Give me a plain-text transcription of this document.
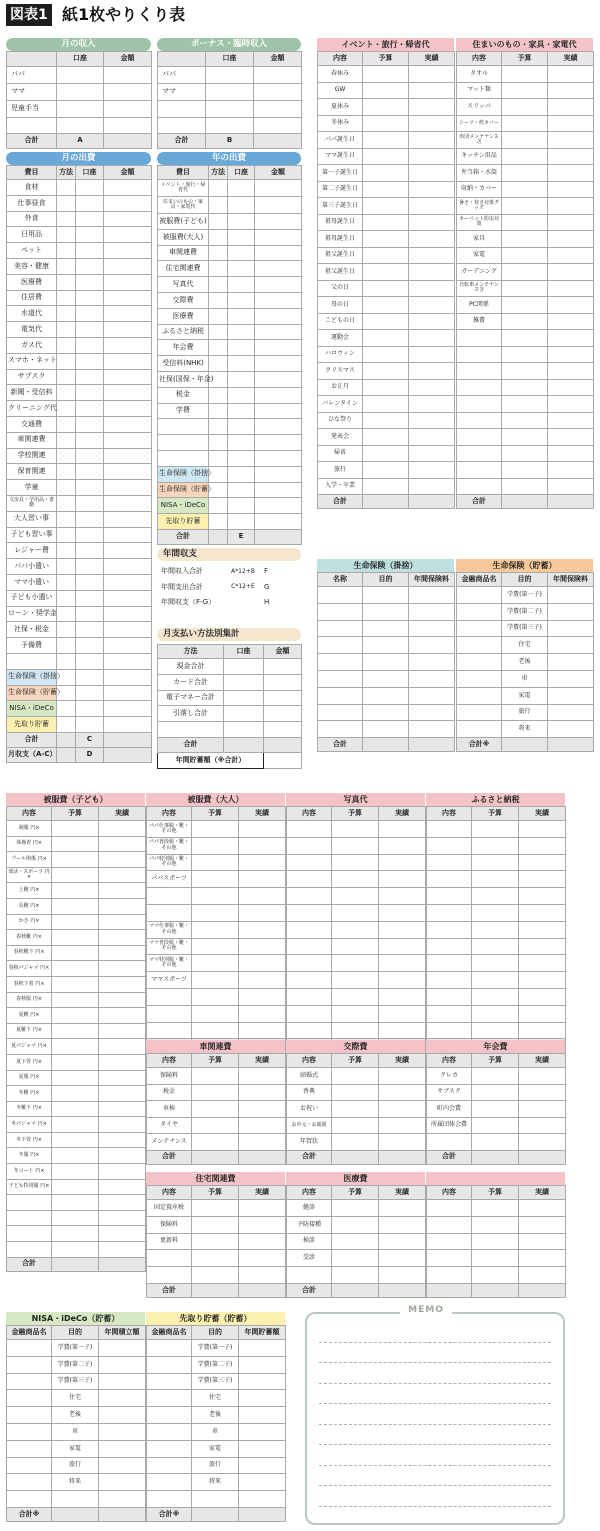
図表1 紙1枚やりくり表
月の収入
	口座	金額
パパ		
ママ		
児童手当		

合計	A	
ボーナス・臨時収入
	口座	金額
パパ		
ママ		

合計	B	
月の出費
費目	方法	口座	金額
食材			
仕事昼食			
外食			
日用品			
ペット			
美容・健康			
医療費			
住居費			
水道代			
電気代			
ガス代			
スマホ・ネット			
サブスク			
新聞・受信料			
クリーニング代			
交通費			
車関連費			
学校関連			
保育関連			
学童			
文房具・学用品・書籍			
大人習い事			
子ども習い事			
レジャー費			
パパ小遣い			
ママ小遣い			
子ども小遣い			
ローン・奨学金			
社保・税金			
予備費			

生命保険（掛捨）			
生命保険（貯蓄）			
NISA・iDeCo			
先取り貯蓄			
合計		C	
月収支（A-C）		D	
年の出費
費目	方法	口座	金額
イベント・旅行・帰省代			
住まいのもの・家具・家電代			
被服費(子ども)			
被服費(大人)			
車関連費			
住宅関連費			
写真代			
交際費			
医療費			
ふるさと納税			
年会費			
受信料(NHK)			
社保(国保・年金)			
税金			
学費			

生命保険（掛捨）			
生命保険（貯蓄）			
NISA・iDeCo			
先取り貯蓄			
合計		E	
年間収支
年間収入合計	A*12+B	F
年間支出合計	C*12+E	G
年間収支（F-G）		H
月支払い方法別集計
方法	口座	金額
現金合計		
カード合計		
電子マネー合計		
引落し合計		

合計		
年間貯蓄額（※合計）		
イベント・旅行・帰省代
内容	予算	実績
春休み		
GW		
夏休み		
冬休み		
パパ誕生日		
ママ誕生日		
第一子誕生日		
第二子誕生日		
第三子誕生日		
祖母誕生日		
祖母誕生日		
祖父誕生日		
祖父誕生日		
父の日		
母の日		
こどもの日		
運動会		
ハロウィン		
クリスマス		
お正月		
バレンタイン		
ひな祭り		
発表会		
帰省		
旅行		
入学・卒業		
合計		
住まいのもの・家具・家電代
内容	予算	実績
タオル		
マット類		
スリッパ		
シーツ・枕カバー		
布団メンテナンス含		
キッチン用品		
弁当箱・水筒		
収納・カバー		
暑さ・寒さ対策グッズ		
カーペット防虫対策		
家具		
家電		
ガーデニング		
自転車メンテナンス含		
PC関係		
雑費		

合計		
生命保険（掛捨）
名称	目的	年間保険料

合計		
生命保険（貯蓄）
金融商品名	目的	年間保険料
	学費(第一子)	
	学費(第二子)	
	学費(第三子)	
	住宅	
	老後	
	車	
	家電	
	旅行	
	将来	
合計※		
被服費（子ども）
内容	予算	実績
制服 円×		
体操着 円×		
プール関係 円×		
部活・スポーツ 円×		
上靴 円×		
長靴 円×		
かさ 円×		
春秋靴 円×		
春秋靴下 円×		
春秋パジャマ 円×		
春秋下着 円×		
春秋服 円×		
夏靴 円×		
夏靴下 円×		
夏パジャマ 円×		
夏下着 円×		
夏服 円×		
冬靴 円×		
冬靴下 円×		
冬パジャマ 円×		
冬下着 円×		
冬服 円×		
冬コート 円×		
子ども特別服 円×		

合計		
被服費（大人）
内容	予算	実績
パパ仕事服・靴・その他		
パパ普段服・靴・その他		
パパ特別服・靴・その他		
パパスポーツ		

ママ仕事服・靴・その他		
ママ普段服・靴・その他		
ママ特別服・靴・その他		
ママスポーツ		

写真代
内容	予算	実績

ふるさと納税
内容	予算	実績

車関連費
内容	予算	実績
保険料		
税金		
車検		
タイヤ		
メンテナンス		
合計		
交際費
内容	予算	実績
結婚式		
香典		
お祝い		
お中元・お歳暮		
年賀状		
合計		
年会費
内容	予算	実績
クレカ		
サブスク		
町内会費		
所属団体会費		

合計		
住宅関連費
内容	予算	実績
固定資産税		
保険料		
更新料		

合計		
医療費
内容	予算	実績
健診		
予防接種		
検診		
受診		

合計		
内容	予算	実績

NISA・iDeCo（貯蓄）
金融商品名	目的	年間積立額
	学費(第一子)	
	学費(第二子)	
	学費(第三子)	
	住宅	
	老後	
	車	
	家電	
	旅行	
	将来	

合計※		
先取り貯蓄（貯蓄）
金融商品名	目的	年間貯蓄額
	学費(第一子)	
	学費(第二子)	
	学費(第三子)	
	住宅	
	老後	
	車	
	家電	
	旅行	
	将来	

合計※		
MEMO
